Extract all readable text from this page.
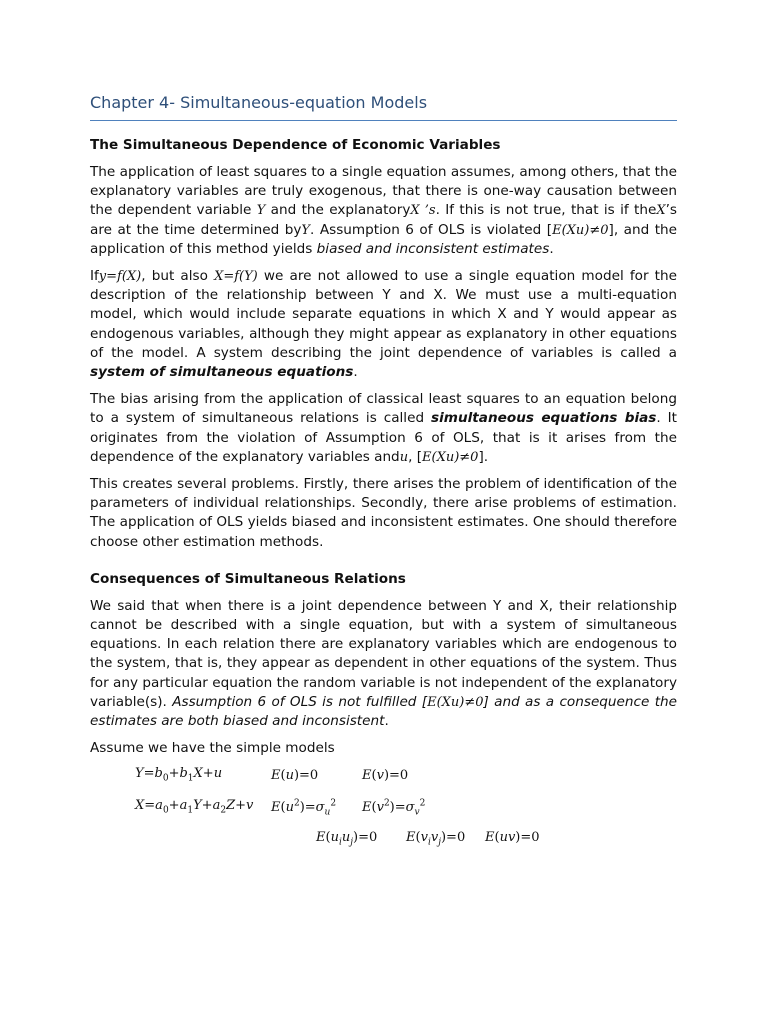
Chapter 4- Simultaneous-equation Models
The Simultaneous Dependence of Economic Variables

The application of least squares to a single equation assumes, among others, that the explanatory variables are truly exogenous, that there is one-way causation between the dependent variable Y and the explanatoryX ’s. If this is not true, that is if theX’s are at the time determined byY. Assumption 6 of OLS is violated [E(Xu)≠0], and the application of this method yields biased and inconsistent estimates.

Ify=f(X), but also X=f(Y) we are not allowed to use a single equation model for the description of the relationship between Y and X. We must use a multi-equation model, which would include separate equations in which X and Y would appear as endogenous variables, although they might appear as explanatory in other equations of the model. A system describing the joint dependence of variables is called a system of simultaneous equations.

The bias arising from the application of classical least squares to an equation belong to a system of simultaneous relations is called simultaneous equations bias. It originates from the violation of Assumption 6 of OLS, that is it arises from the dependence of the explanatory variables andu, [E(Xu)≠0].

This creates several problems. Firstly, there arises the problem of identification of the parameters of individual relationships. Secondly, there arise problems of estimation. The application of OLS yields biased and inconsistent estimates. One should therefore choose other estimation methods.

Consequences of Simultaneous Relations

We said that when there is a joint dependence between Y and X, their relationship cannot be described with a single equation, but with a system of simultaneous equations. In each relation there are explanatory variables which are endogenous to the system, that is, they appear as dependent in other equations of the system. Thus for any particular equation the random variable is not independent of the explanatory variable(s). Assumption 6 of OLS is not fulfilled [E(Xu)≠0] and as a consequence the estimates are both biased and inconsistent.

Assume we have the simple models

$Y=b_0+b_1X+u$	E(u)=0	E(v)=0
$X=a_0+a_1Y+a_2Z+v$ $E(u^2)=\sigma_u^2$ $E(v^2)=\sigma_v^2$
$E(u_iu_j)=0$ $E(v_iv_j)=0$ E(uv)=0
